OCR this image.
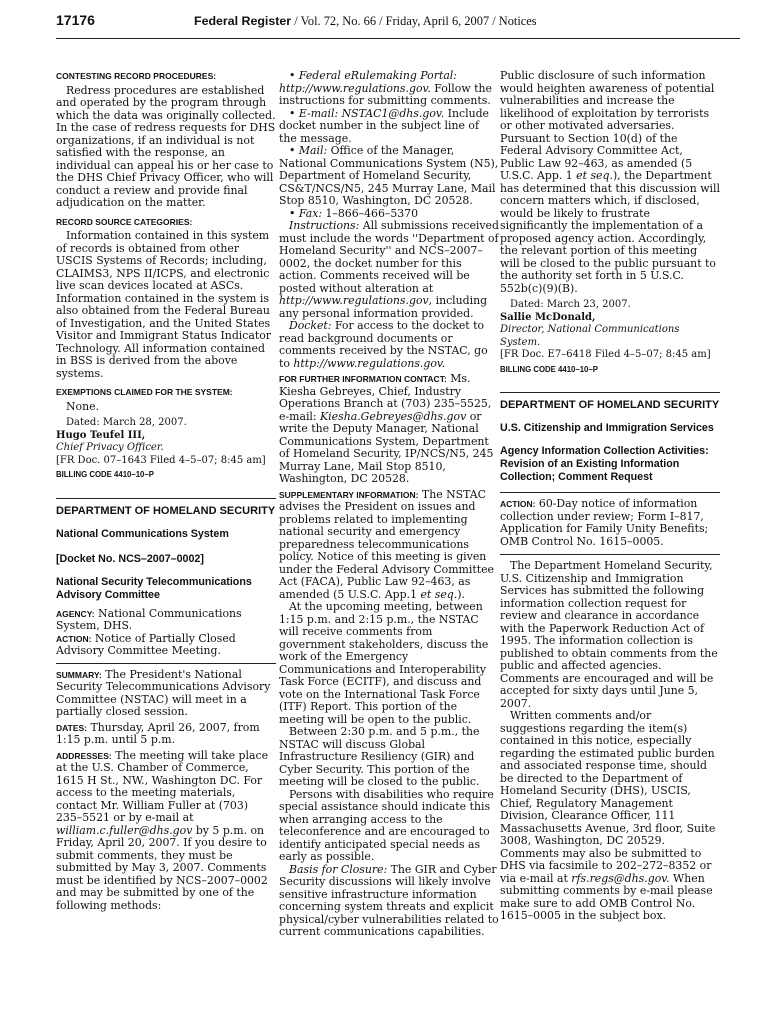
17176	Federal Register / Vol. 72, No. 66 / Friday, April 6, 2007 / Notices

CONTESTING RECORD PROCEDURES:

Redress procedures are established and operated by the program through which the data was originally collected. In the case of redress requests for DHS organizations, if an individual is not satisfied with the response, an individual can appeal his or her case to the DHS Chief Privacy Officer, who will conduct a review and provide final adjudication on the matter.

RECORD SOURCE CATEGORIES:

Information contained in this system of records is obtained from other USCIS Systems of Records; including, CLAIMS3, NPS II/ICPS, and electronic live scan devices located at ASCs. Information contained in the system is also obtained from the Federal Bureau of Investigation, and the United States Visitor and Immigrant Status Indicator Technology. All information contained in BSS is derived from the above systems.

EXEMPTIONS CLAIMED FOR THE SYSTEM:

None.

Dated: March 28, 2007.

Hugo Teufel III,

Chief Privacy Officer.

[FR Doc. 07–1643 Filed 4–5–07; 8:45 am]

BILLING CODE 4410–10–P

DEPARTMENT OF HOMELAND SECURITY

National Communications System

[Docket No. NCS–2007–0002]

National Security Telecommunications Advisory Committee

AGENCY: National Communications System, DHS.

ACTION: Notice of Partially Closed Advisory Committee Meeting.

SUMMARY: The President's National Security Telecommunications Advisory Committee (NSTAC) will meet in a partially closed session.

DATES: Thursday, April 26, 2007, from 1:15 p.m. until 5 p.m.

ADDRESSES: The meeting will take place at the U.S. Chamber of Commerce, 1615 H St., NW., Washington DC. For access to the meeting materials, contact Mr. William Fuller at (703) 235–5521 or by e-mail at william.c.fuller@dhs.gov by 5 p.m. on Friday, April 20, 2007. If you desire to submit comments, they must be submitted by May 3, 2007. Comments must be identified by NCS–2007–0002 and may be submitted by one of the following methods:

• Federal eRulemaking Portal: http://www.regulations.gov. Follow the instructions for submitting comments.

• E-mail: NSTAC1@dhs.gov. Include docket number in the subject line of the message.

• Mail: Office of the Manager, National Communications System (N5), Department of Homeland Security, CS&T/NCS/N5, 245 Murray Lane, Mail Stop 8510, Washington, DC 20528.

• Fax: 1–866–466–5370

Instructions: All submissions received must include the words ''Department of Homeland Security'' and NCS–2007–0002, the docket number for this action. Comments received will be posted without alteration at http://www.regulations.gov, including any personal information provided.

Docket: For access to the docket to read background documents or comments received by the NSTAC, go to http://www.regulations.gov.

FOR FURTHER INFORMATION CONTACT: Ms. Kiesha Gebreyes, Chief, Industry Operations Branch at (703) 235–5525, e-mail: Kiesha.Gebreyes@dhs.gov or write the Deputy Manager, National Communications System, Department of Homeland Security, IP/NCS/N5, 245 Murray Lane, Mail Stop 8510, Washington, DC 20528.

SUPPLEMENTARY INFORMATION: The NSTAC advises the President on issues and problems related to implementing national security and emergency preparedness telecommunications policy. Notice of this meeting is given under the Federal Advisory Committee Act (FACA), Public Law 92–463, as amended (5 U.S.C. App.1 et seq.).

At the upcoming meeting, between 1:15 p.m. and 2:15 p.m., the NSTAC will receive comments from government stakeholders, discuss the work of the Emergency Communications and Interoperability Task Force (ECITF), and discuss and vote on the International Task Force (ITF) Report. This portion of the meeting will be open to the public.

Between 2:30 p.m. and 5 p.m., the NSTAC will discuss Global Infrastructure Resiliency (GIR) and Cyber Security. This portion of the meeting will be closed to the public.

Persons with disabilities who require special assistance should indicate this when arranging access to the teleconference and are encouraged to identify anticipated special needs as early as possible.

Basis for Closure: The GIR and Cyber Security discussions will likely involve sensitive infrastructure information concerning system threats and explicit physical/cyber vulnerabilities related to current communications capabilities.

Public disclosure of such information would heighten awareness of potential vulnerabilities and increase the likelihood of exploitation by terrorists or other motivated adversaries. Pursuant to Section 10(d) of the Federal Advisory Committee Act, Public Law 92–463, as amended (5 U.S.C. App. 1 et seq.), the Department has determined that this discussion will concern matters which, if disclosed, would be likely to frustrate significantly the implementation of a proposed agency action. Accordingly, the relevant portion of this meeting will be closed to the public pursuant to the authority set forth in 5 U.S.C. 552b(c)(9)(B).

Dated: March 23, 2007.

Sallie McDonald,

Director, National Communications System.

[FR Doc. E7–6418 Filed 4–5–07; 8:45 am]

BILLING CODE 4410–10–P

DEPARTMENT OF HOMELAND SECURITY

U.S. Citizenship and Immigration Services

Agency Information Collection Activities: Revision of an Existing Information Collection; Comment Request

ACTION: 60-Day notice of information collection under review; Form I–817, Application for Family Unity Benefits; OMB Control No. 1615–0005.

The Department Homeland Security, U.S. Citizenship and Immigration Services has submitted the following information collection request for review and clearance in accordance with the Paperwork Reduction Act of 1995. The information collection is published to obtain comments from the public and affected agencies. Comments are encouraged and will be accepted for sixty days until June 5, 2007.

Written comments and/or suggestions regarding the item(s) contained in this notice, especially regarding the estimated public burden and associated response time, should be directed to the Department of Homeland Security (DHS), USCIS, Chief, Regulatory Management Division, Clearance Officer, 111 Massachusetts Avenue, 3rd floor, Suite 3008, Washington, DC 20529. Comments may also be submitted to DHS via facsimile to 202–272–8352 or via e-mail at rfs.regs@dhs.gov. When submitting comments by e-mail please make sure to add OMB Control No. 1615–0005 in the subject box.
